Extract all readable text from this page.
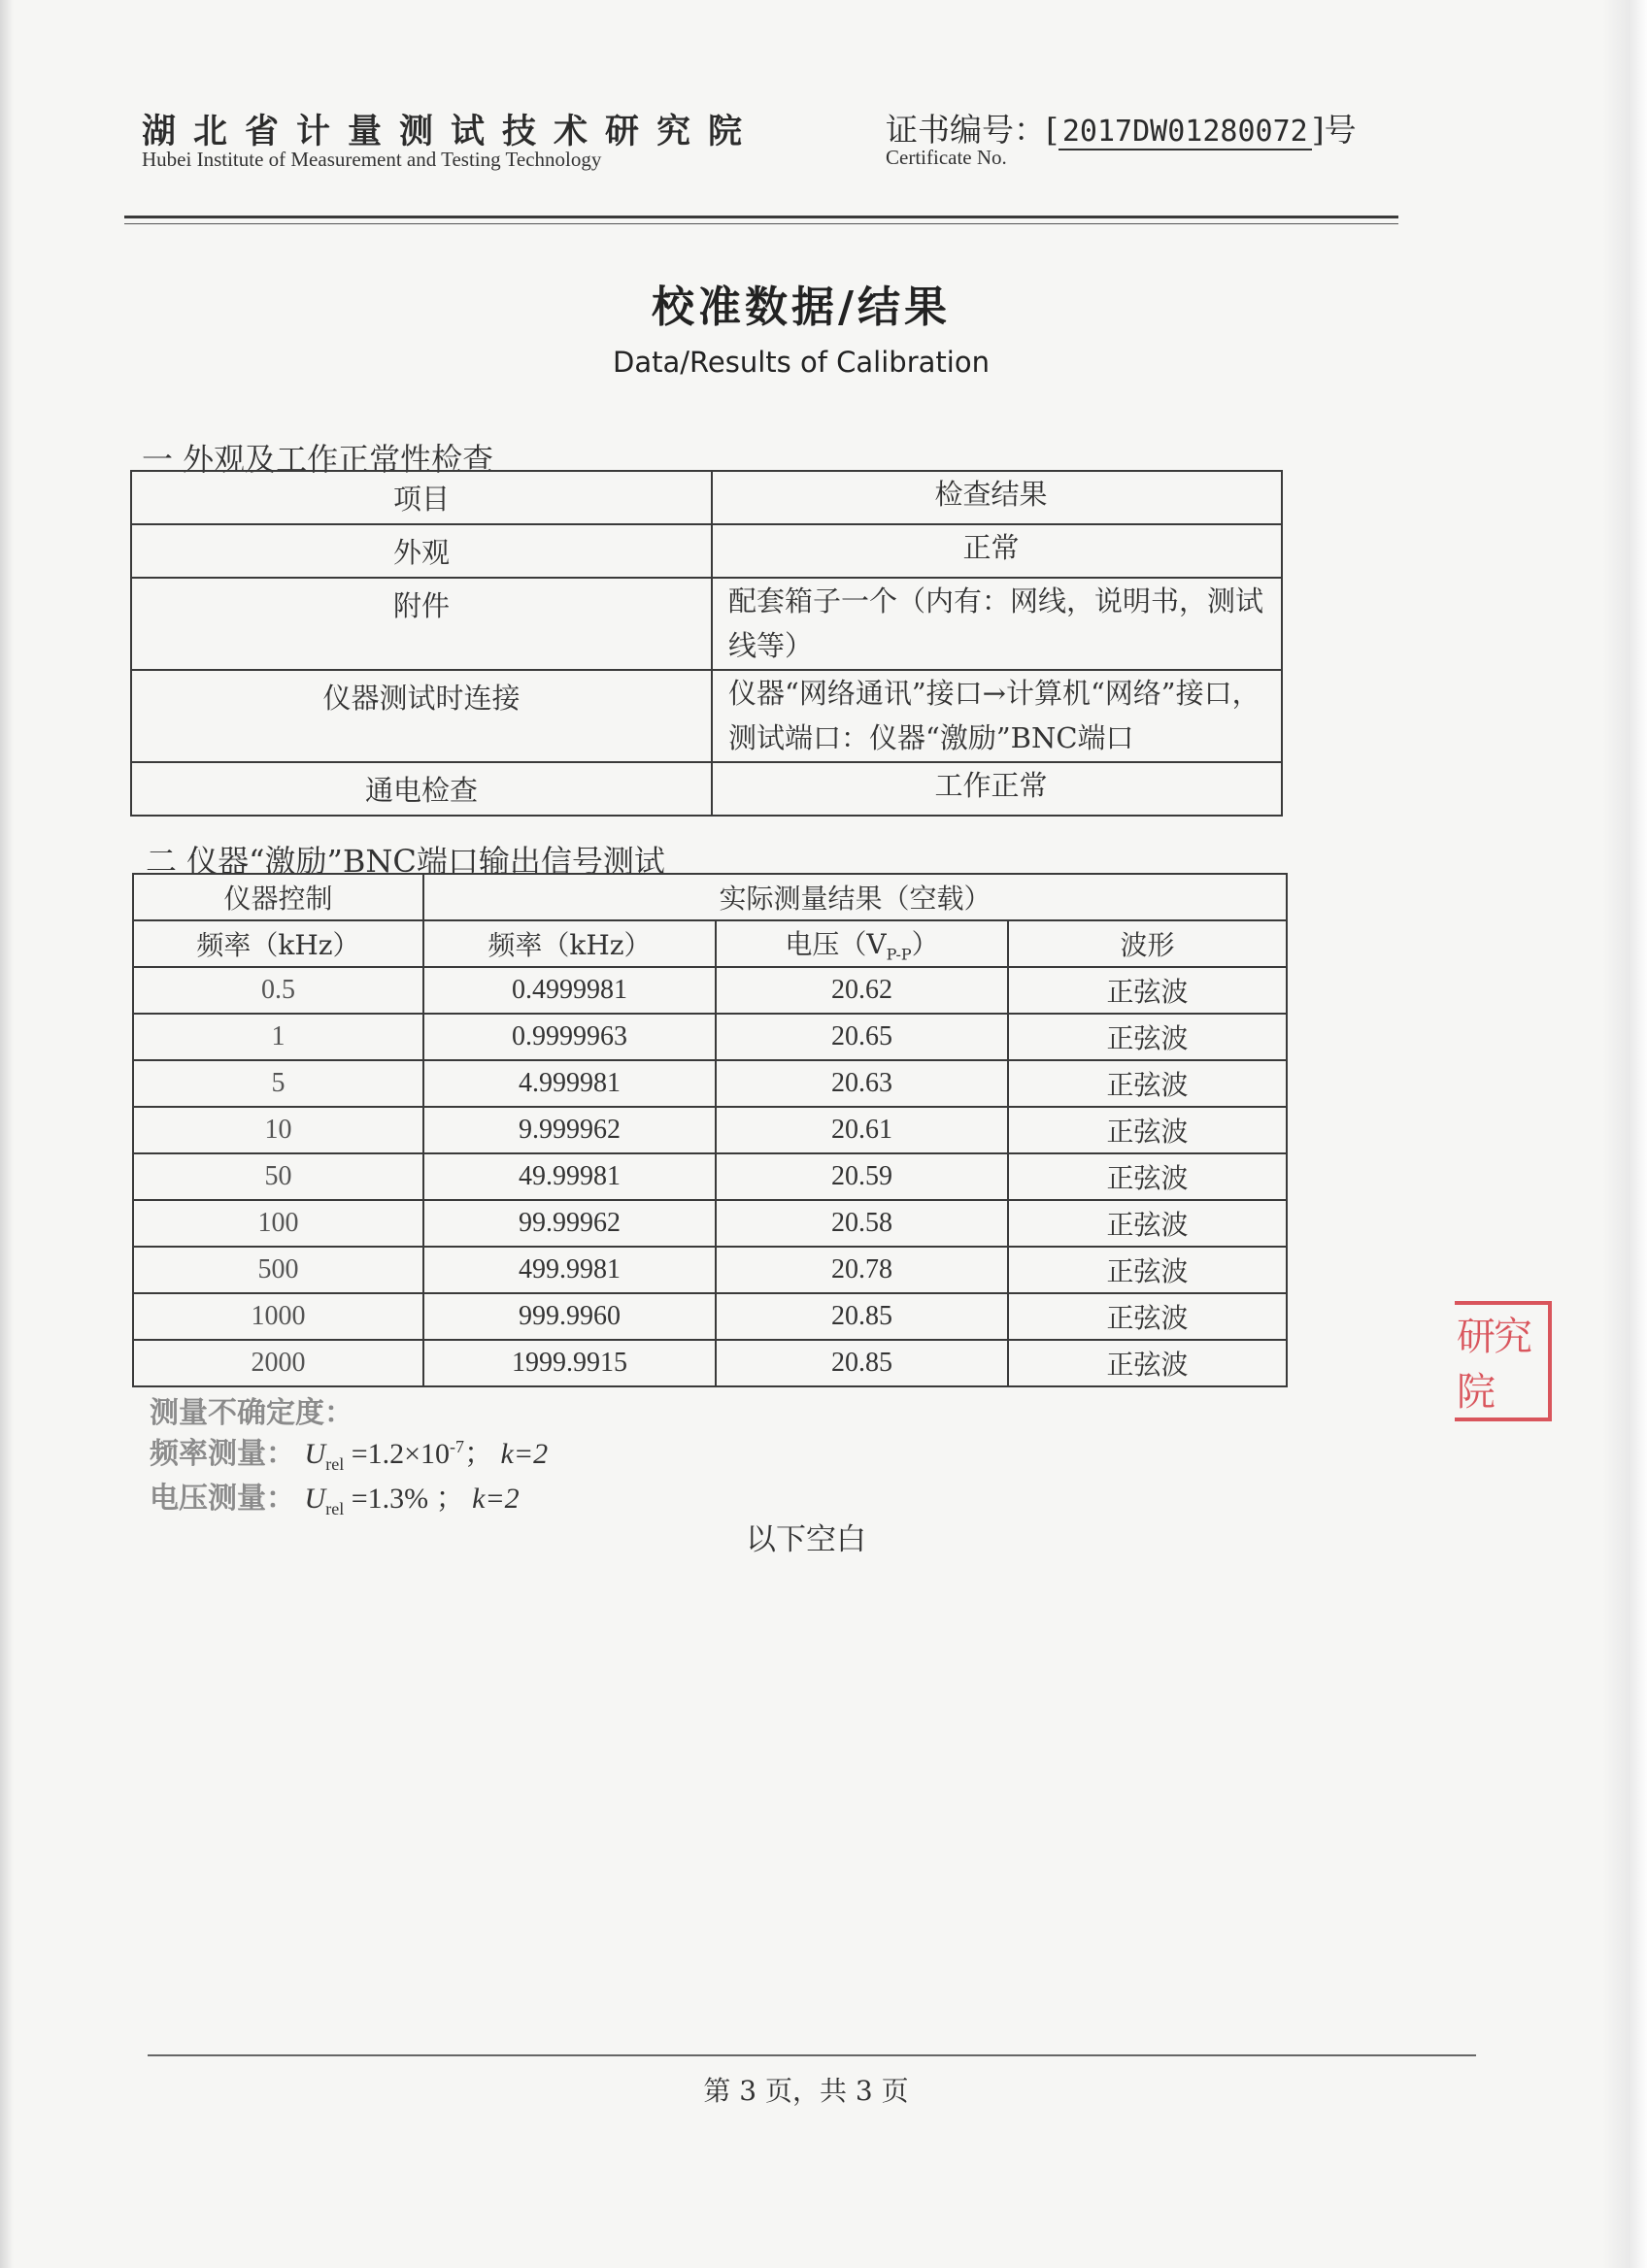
湖北省计量测试技术研究院
Hubei Institute of Measurement and Testing Technology
证书编号：[ 2017DW01280072 ]号
Certificate No.
校准数据/结果
Data/Results of Calibration
一 外观及工作正常性检查
项目	检查结果
外观	正常
附件	配套箱子一个（内有：网线，说明书，测试线等）
仪器测试时连接	仪器“网络通讯”接口→计算机“网络”接口，测试端口：仪器“激励”BNC端口
通电检查	工作正常
二 仪器“激励”BNC端口输出信号测试
仪器控制	实际测量结果（空载）		
频率（kHz）	频率（kHz）	电压$(V_{P-P})$	波形
0.5	0.4999981	20.62	正弦波
1	0.9999963	20.65	正弦波
5	4.999981	20.63	正弦波
10	9.999962	20.61	正弦波
50	49.99981	20.59	正弦波
100	99.99962	20.58	正弦波
500	499.9981	20.78	正弦波
1000	999.9960	20.85	正弦波
2000	1999.9915	20.85	正弦波
测量不确定度：
频率测量： $U_{rel} =1.2\times 10^{-7}$； k=2
电压测量： $U_{rel} =1.3\%$ ； k=2
以下空白
研究院
第 3 页，共 3 页
